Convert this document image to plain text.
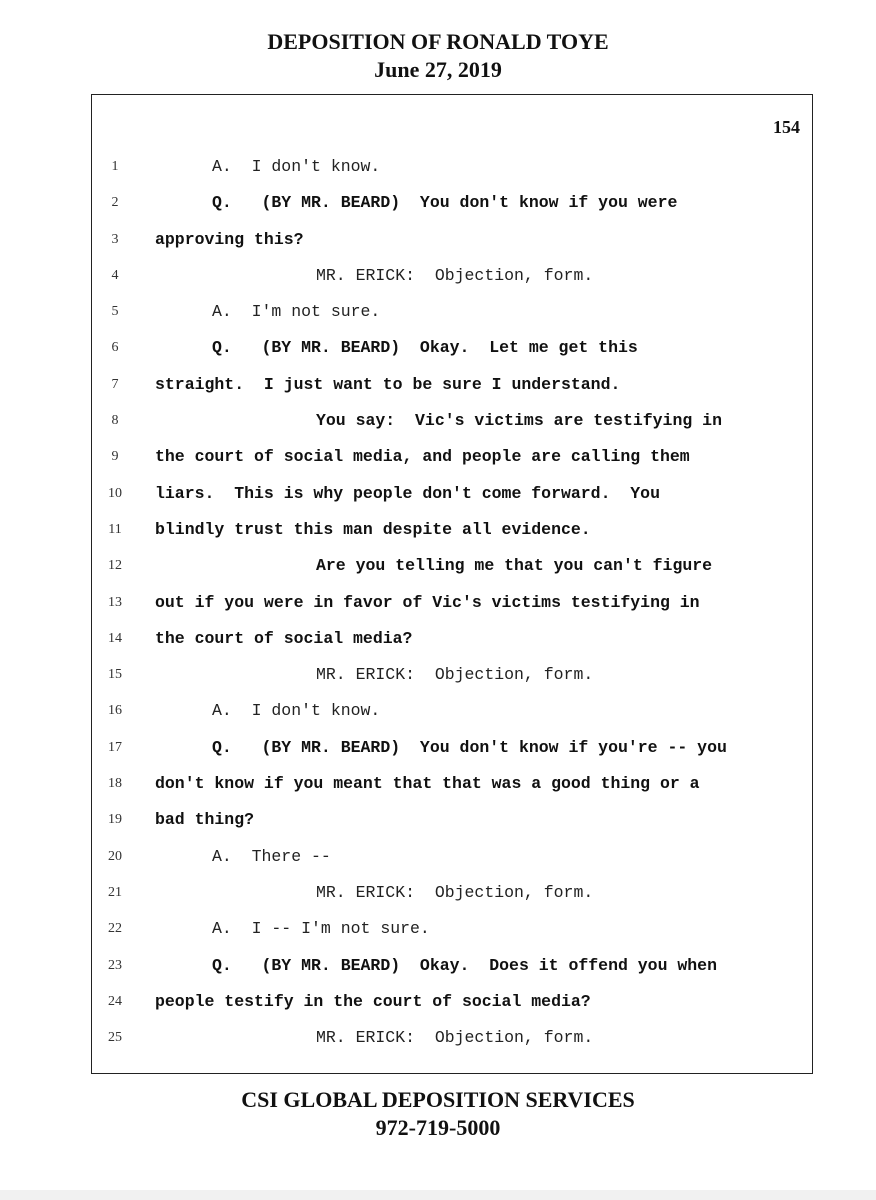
DEPOSITION OF RONALD TOYE
June 27, 2019
154
1	A.  I don't know.
2	Q.   (BY MR. BEARD)  You don't know if you were
3	approving this?
4	MR. ERICK:  Objection, form.
5	A.  I'm not sure.
6	Q.   (BY MR. BEARD)  Okay.  Let me get this
7	straight.  I just want to be sure I understand.
8	You say:  Vic's victims are testifying in
9	the court of social media, and people are calling them
10	liars.  This is why people don't come forward.  You
11	blindly trust this man despite all evidence.
12	Are you telling me that you can't figure
13	out if you were in favor of Vic's victims testifying in
14	the court of social media?
15	MR. ERICK:  Objection, form.
16	A.  I don't know.
17	Q.   (BY MR. BEARD)  You don't know if you're -- you
18	don't know if you meant that that was a good thing or a
19	bad thing?
20	A.  There --
21	MR. ERICK:  Objection, form.
22	A.  I -- I'm not sure.
23	Q.   (BY MR. BEARD)  Okay.  Does it offend you when
24	people testify in the court of social media?
25	MR. ERICK:  Objection, form.
CSI GLOBAL DEPOSITION SERVICES
972-719-5000
